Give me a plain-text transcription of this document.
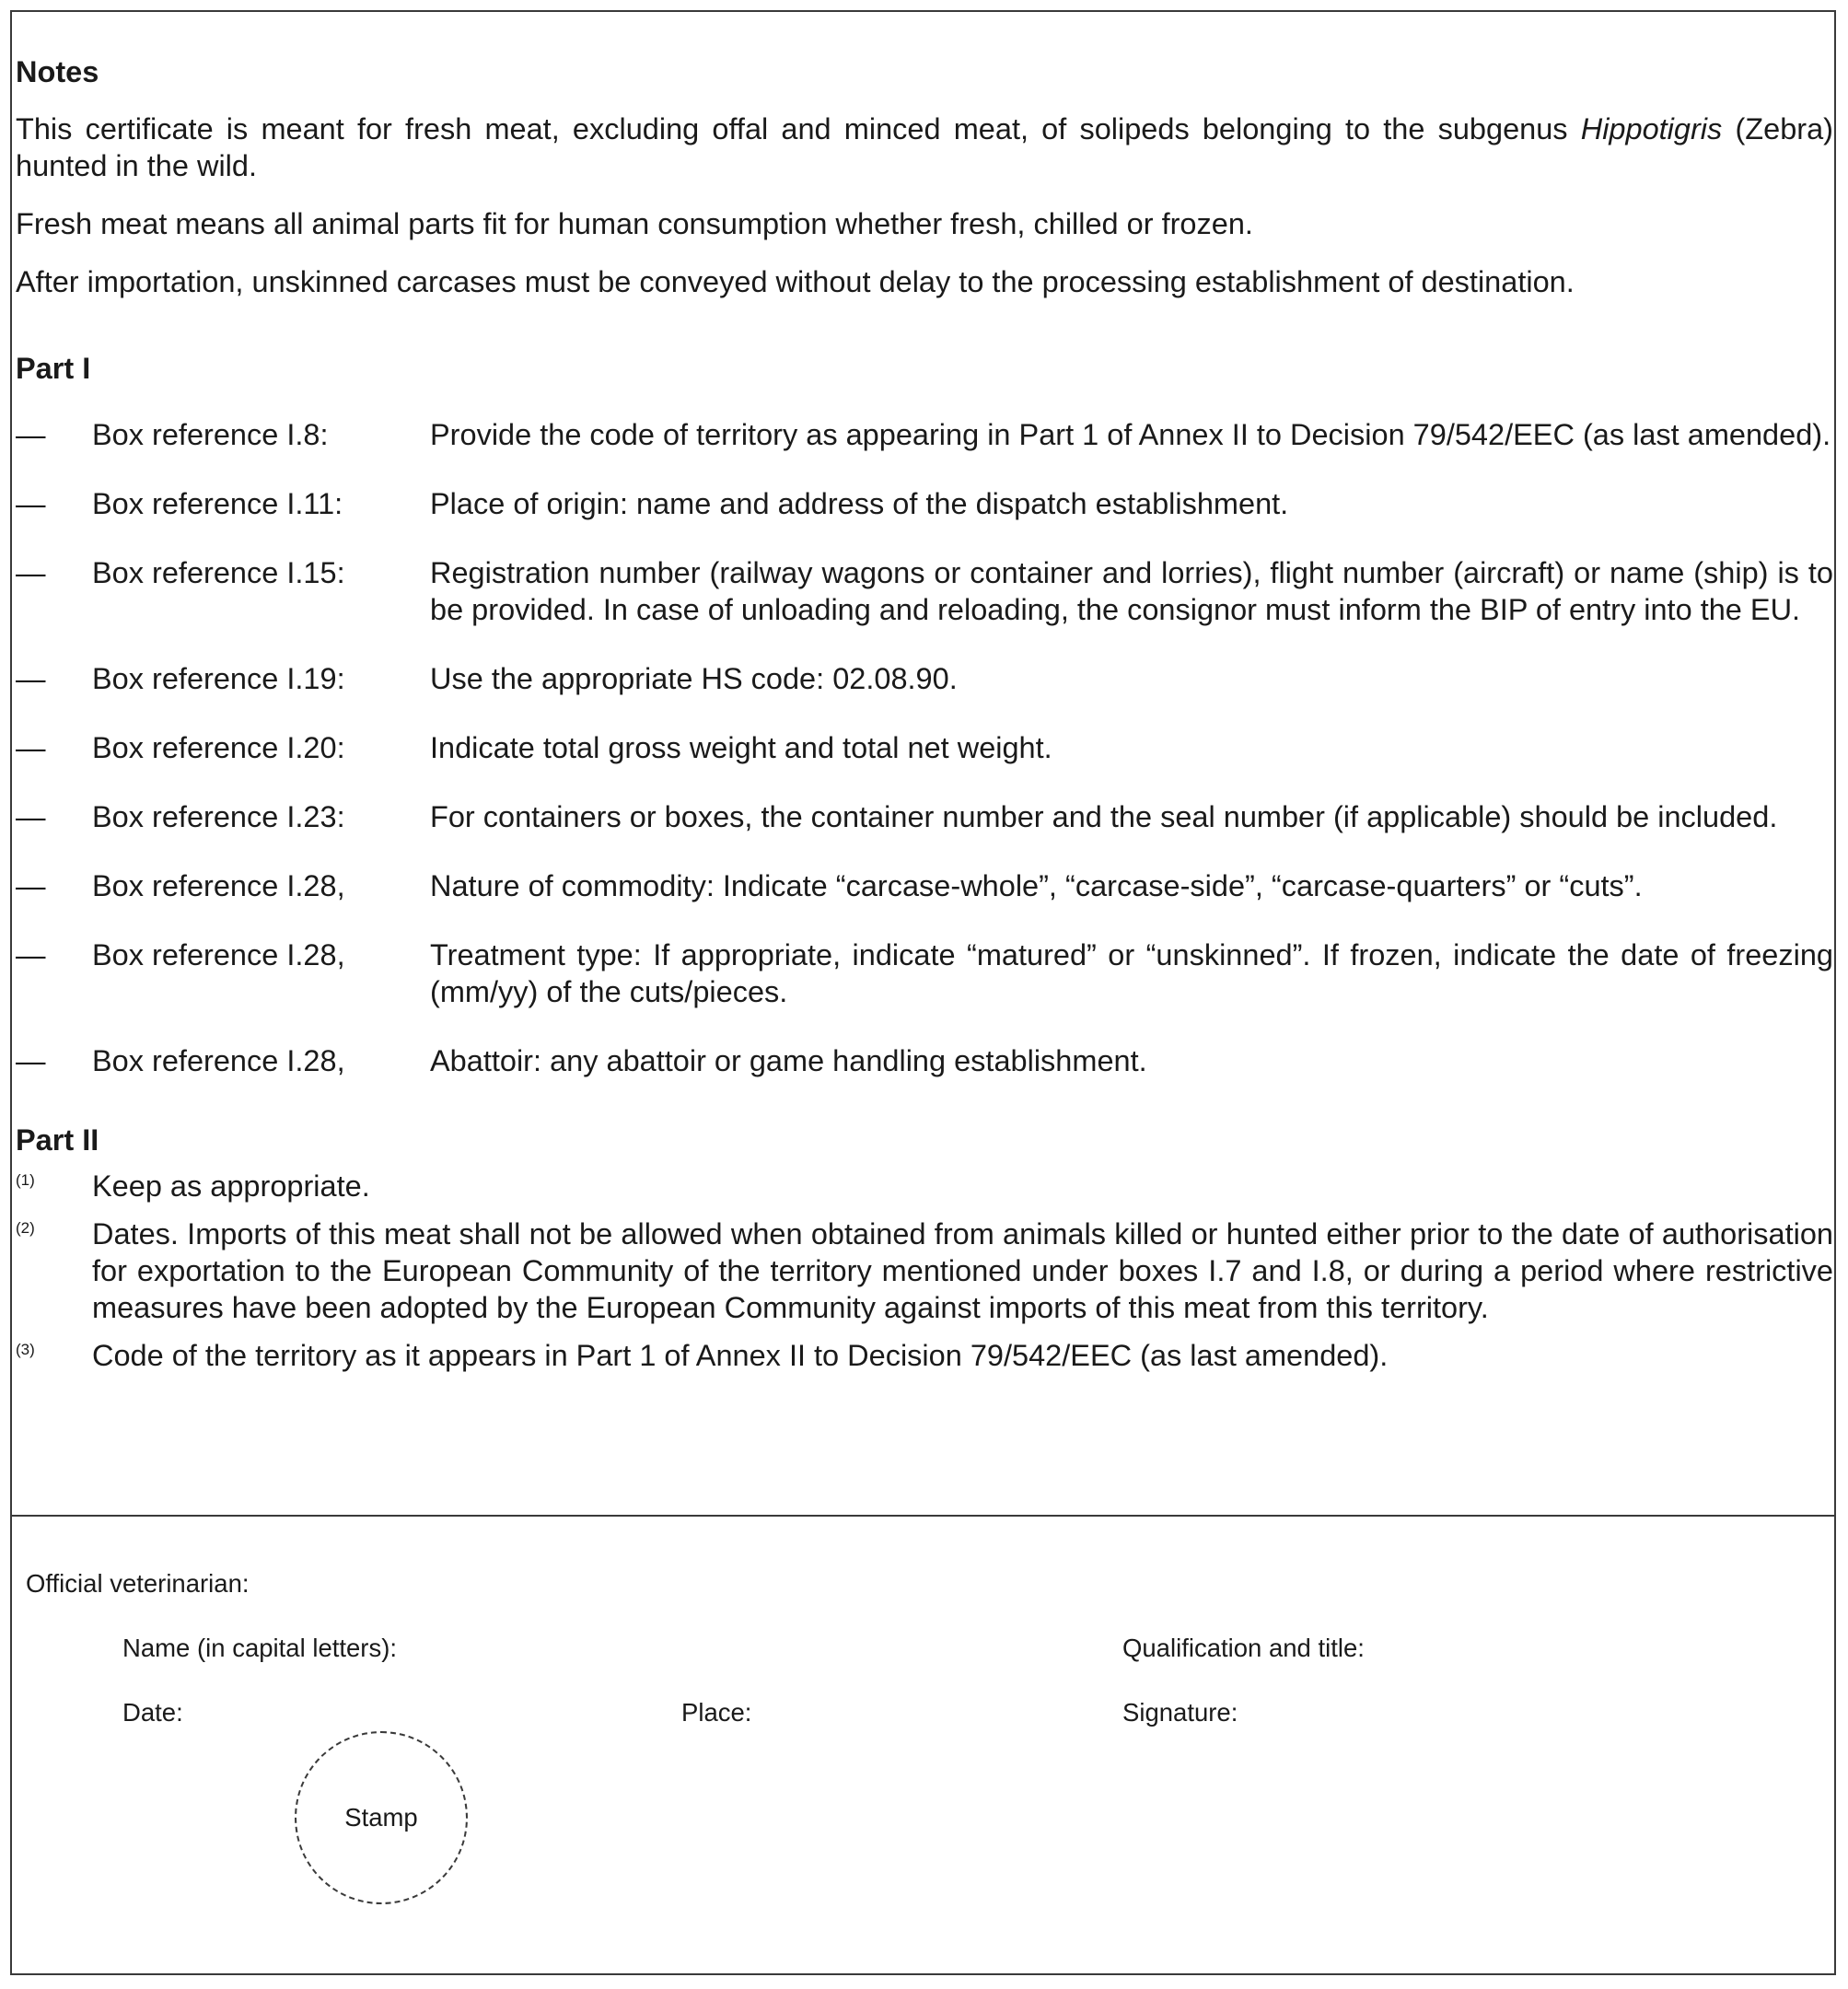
Notes

This certificate is meant for fresh meat, excluding offal and minced meat, of solipeds belonging to the subgenus Hippotigris (Zebra) hunted in the wild.

Fresh meat means all animal parts fit for human consumption whether fresh, chilled or frozen.

After importation, unskinned carcases must be conveyed without delay to the processing establishment of destination.

Part I
—	Box reference I.8:	Provide the code of territory as appearing in Part 1 of Annex II to Decision 79/542/EEC (as last amended).
—	Box reference I.11:	Place of origin: name and address of the dispatch establishment.
—	Box reference I.15:	Registration number (railway wagons or container and lorries), flight number (aircraft) or name (ship) is to be provided. In case of unloading and reloading, the consignor must inform the BIP of entry into the EU.
—	Box reference I.19:	Use the appropriate HS code: 02.08.90.
—	Box reference I.20:	Indicate total gross weight and total net weight.
—	Box reference I.23:	For containers or boxes, the container number and the seal number (if applicable) should be included.
—	Box reference I.28,	Nature of commodity: Indicate “carcase-whole”, “carcase-side”, “carcase-quarters” or “cuts”.
—	Box reference I.28,	Treatment type: If appropriate, indicate “matured” or “unskinned”. If frozen, indicate the date of freezing (mm/yy) of the cuts/pieces.
—	Box reference I.28,	Abattoir: any abattoir or game handling establishment.
Part II
(1)	Keep as appropriate.
(2)	Dates. Imports of this meat shall not be allowed when obtained from animals killed or hunted either prior to the date of authorisation for exportation to the European Community of the territory mentioned under boxes I.7 and I.8, or during a period where restrictive measures have been adopted by the European Community against imports of this meat from this territory.
(3)	Code of the territory as it appears in Part 1 of Annex II to Decision 79/542/EEC (as last amended).
Official veterinarian:
Name (in capital letters):	Qualification and title:
Date:	Place:	Signature:
Stamp
